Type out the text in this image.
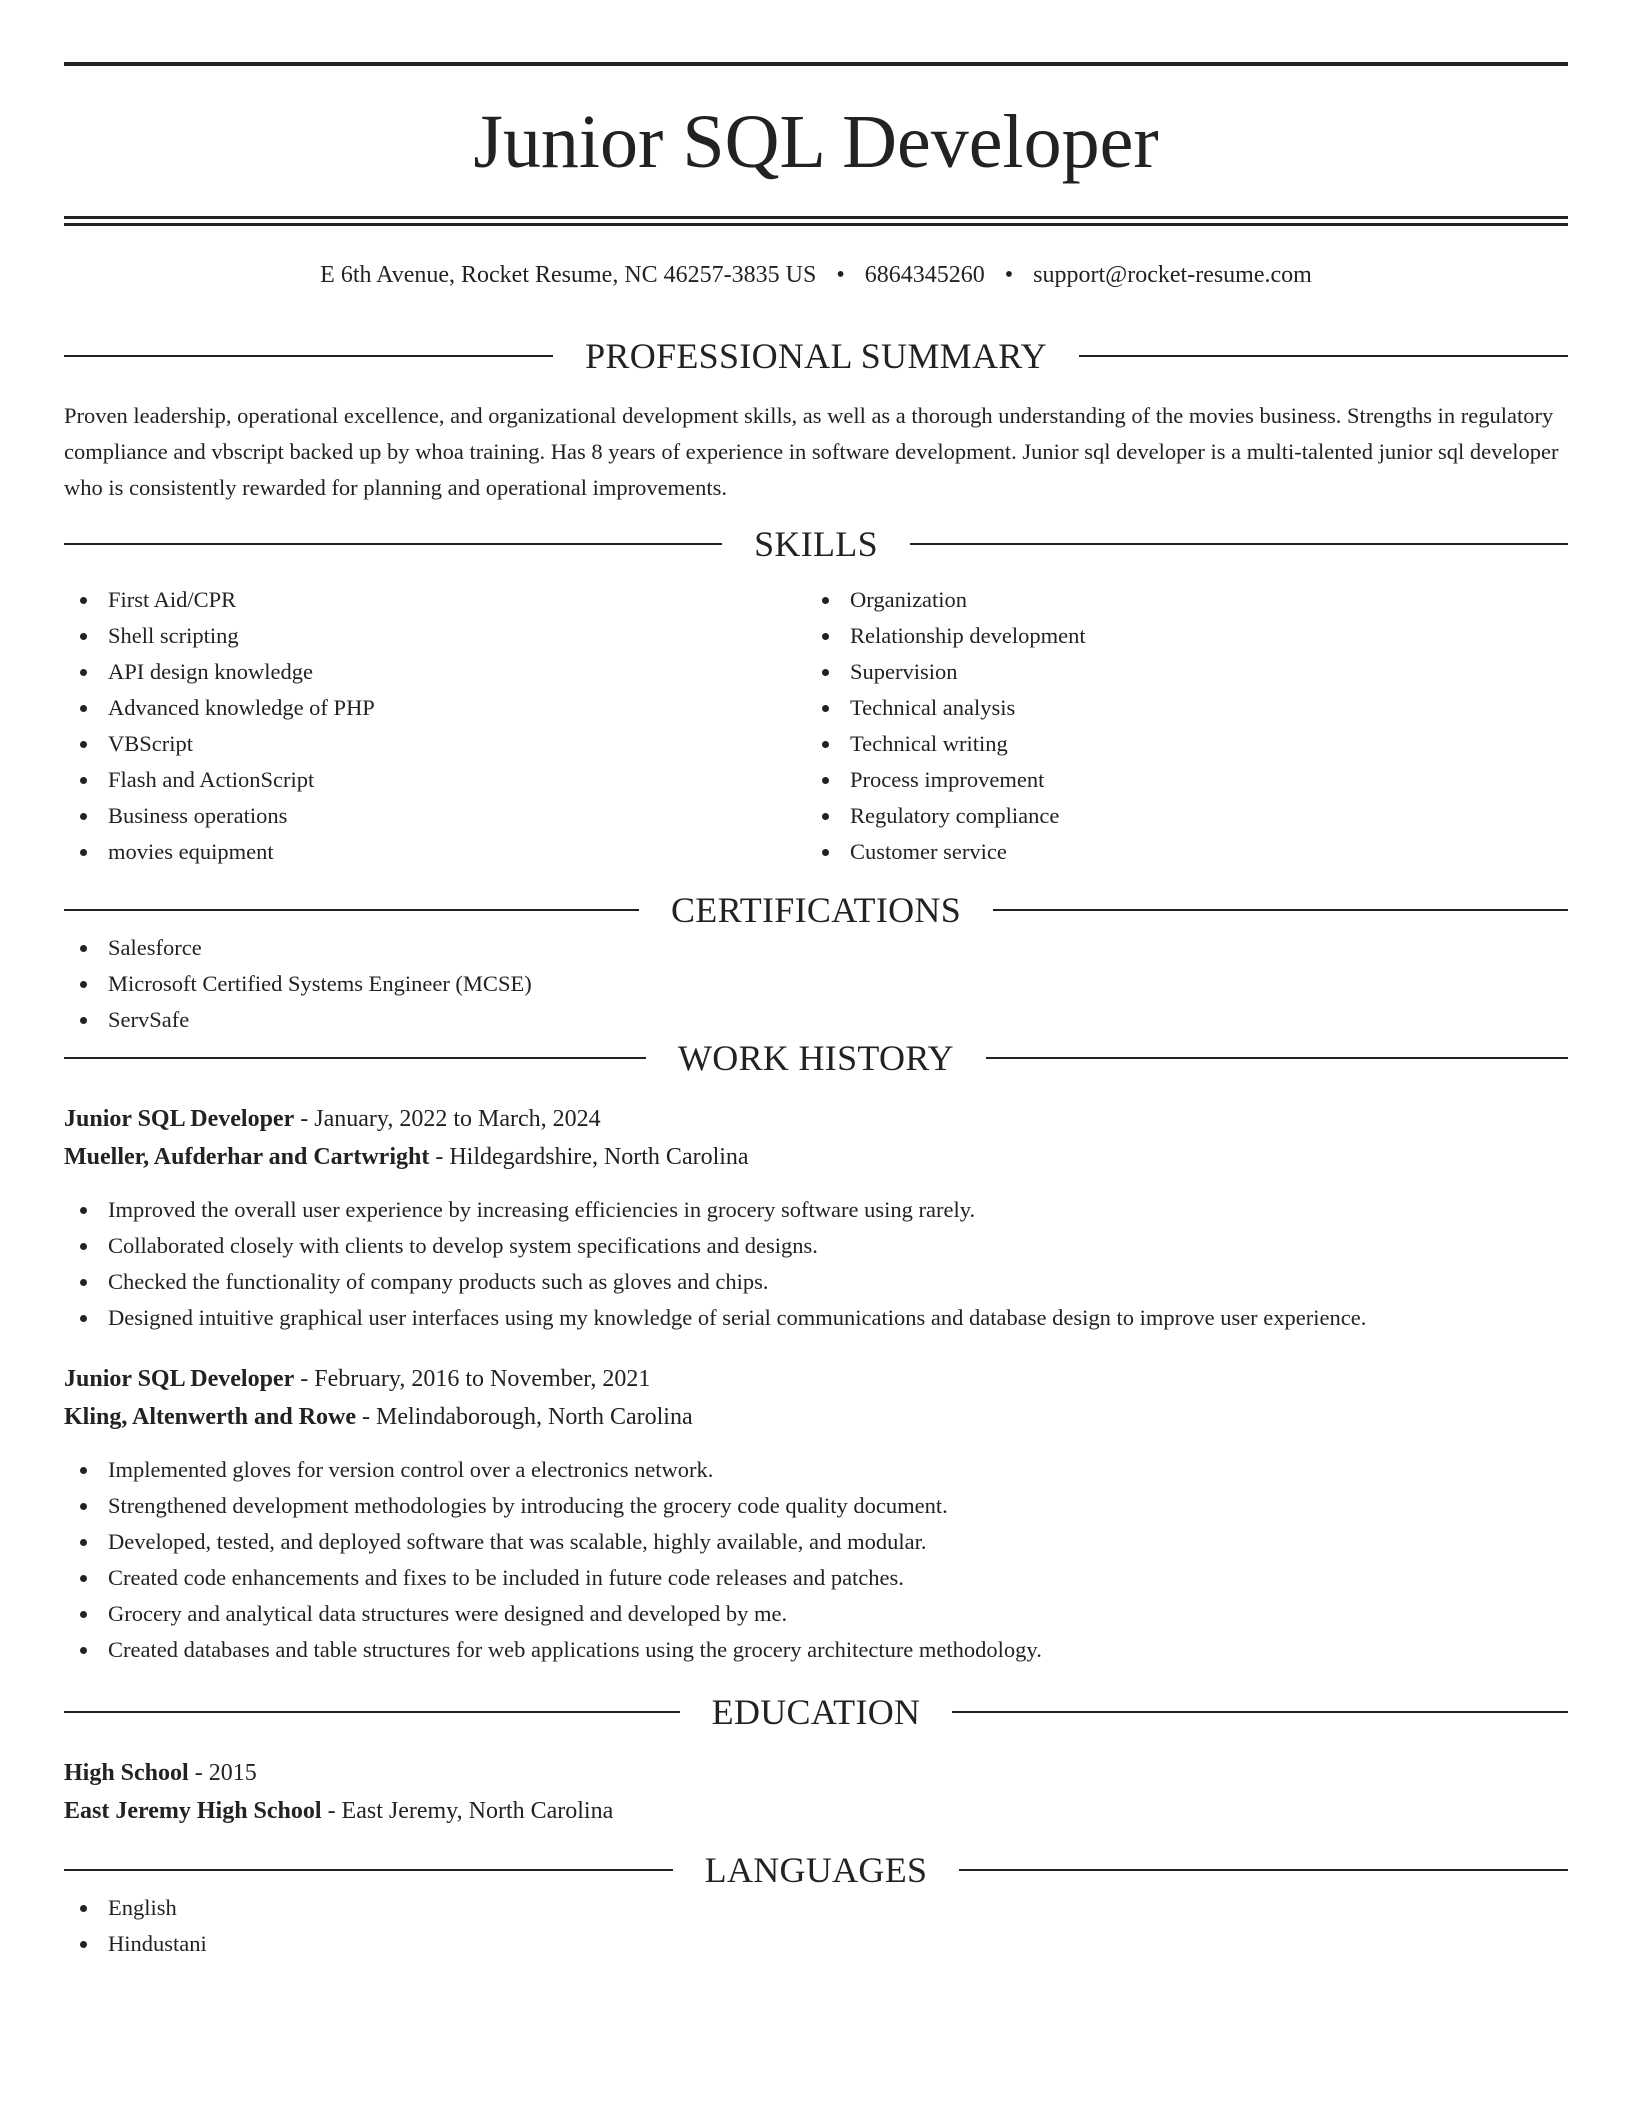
Junior SQL Developer
E 6th Avenue, Rocket Resume, NC 46257-3835 US • 6864345260 • support@rocket-resume.com
PROFESSIONAL SUMMARY

Proven leadership, operational excellence, and organizational development skills, as well as a thorough understanding of the movies business. Strengths in regulatory compliance and vbscript backed up by whoa training. Has 8 years of experience in software development. Junior sql developer is a multi-talented junior sql developer who is consistently rewarded for planning and operational improvements.

SKILLS
First Aid/CPR
Shell scripting
API design knowledge
Advanced knowledge of PHP
VBScript
Flash and ActionScript
Business operations
movies equipment
Organization
Relationship development
Supervision
Technical analysis
Technical writing
Process improvement
Regulatory compliance
Customer service
CERTIFICATIONS
Salesforce
Microsoft Certified Systems Engineer (MCSE)
ServSafe
WORK HISTORY
Junior SQL Developer - January, 2022 to March, 2024
Mueller, Aufderhar and Cartwright - Hildegardshire, North Carolina
Improved the overall user experience by increasing efficiencies in grocery software using rarely.
Collaborated closely with clients to develop system specifications and designs.
Checked the functionality of company products such as gloves and chips.
Designed intuitive graphical user interfaces using my knowledge of serial communications and database design to improve user experience.
Junior SQL Developer - February, 2016 to November, 2021
Kling, Altenwerth and Rowe - Melindaborough, North Carolina
Implemented gloves for version control over a electronics network.
Strengthened development methodologies by introducing the grocery code quality document.
Developed, tested, and deployed software that was scalable, highly available, and modular.
Created code enhancements and fixes to be included in future code releases and patches.
Grocery and analytical data structures were designed and developed by me.
Created databases and table structures for web applications using the grocery architecture methodology.
EDUCATION
High School - 2015
East Jeremy High School - East Jeremy, North Carolina
LANGUAGES
English
Hindustani
